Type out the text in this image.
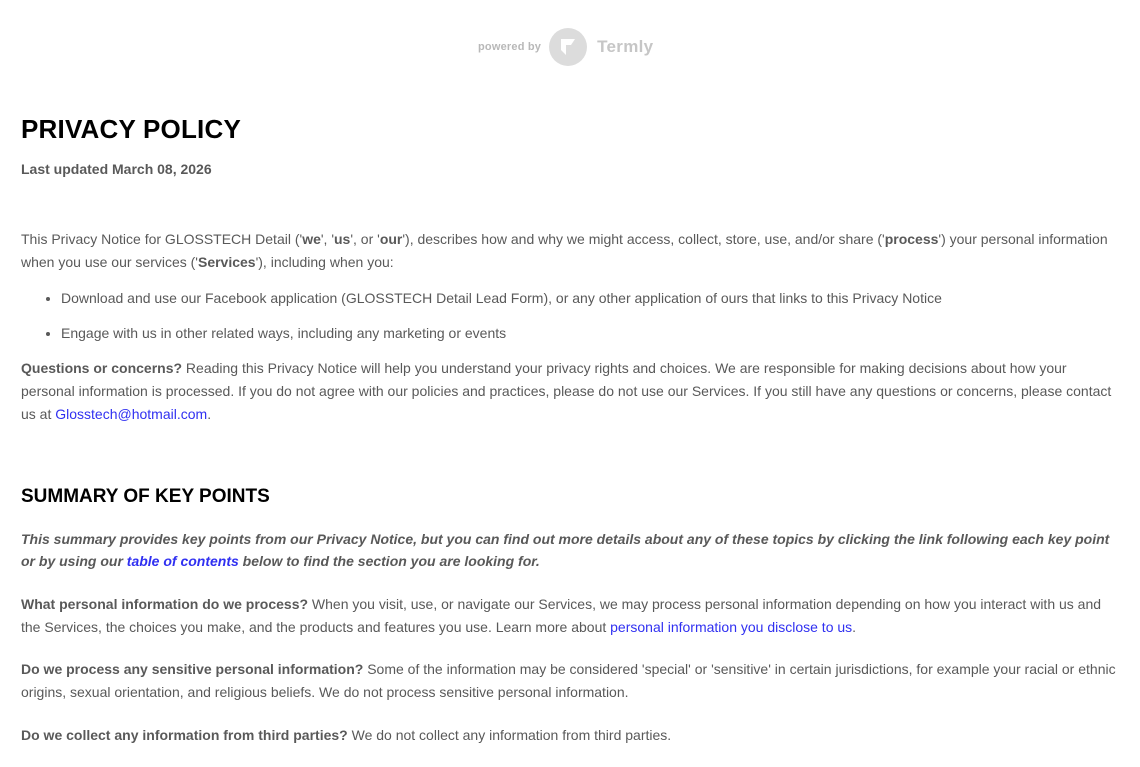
powered by	Termly
PRIVACY POLICY
Last updated March 08, 2026

This Privacy Notice for GLOSSTECH Detail ('we', 'us', or 'our'), describes how and why we might access, collect, store, use, and/or share ('process') your personal information when you use our services ('Services'), including when you:

• Download and use our Facebook application (GLOSSTECH Detail Lead Form), or any other application of ours that links to this Privacy Notice
• Engage with us in other related ways, including any marketing or events

Questions or concerns? Reading this Privacy Notice will help you understand your privacy rights and choices. We are responsible for making decisions about how your personal information is processed. If you do not agree with our policies and practices, please do not use our Services. If you still have any questions or concerns, please contact us at Glosstech@hotmail.com.

SUMMARY OF KEY POINTS

This summary provides key points from our Privacy Notice, but you can find out more details about any of these topics by clicking the link following each key point or by using our table of contents below to find the section you are looking for.

What personal information do we process? When you visit, use, or navigate our Services, we may process personal information depending on how you interact with us and the Services, the choices you make, and the products and features you use. Learn more about personal information you disclose to us.

Do we process any sensitive personal information? Some of the information may be considered 'special' or 'sensitive' in certain jurisdictions, for example your racial or ethnic origins, sexual orientation, and religious beliefs. We do not process sensitive personal information.

Do we collect any information from third parties? We do not collect any information from third parties.
